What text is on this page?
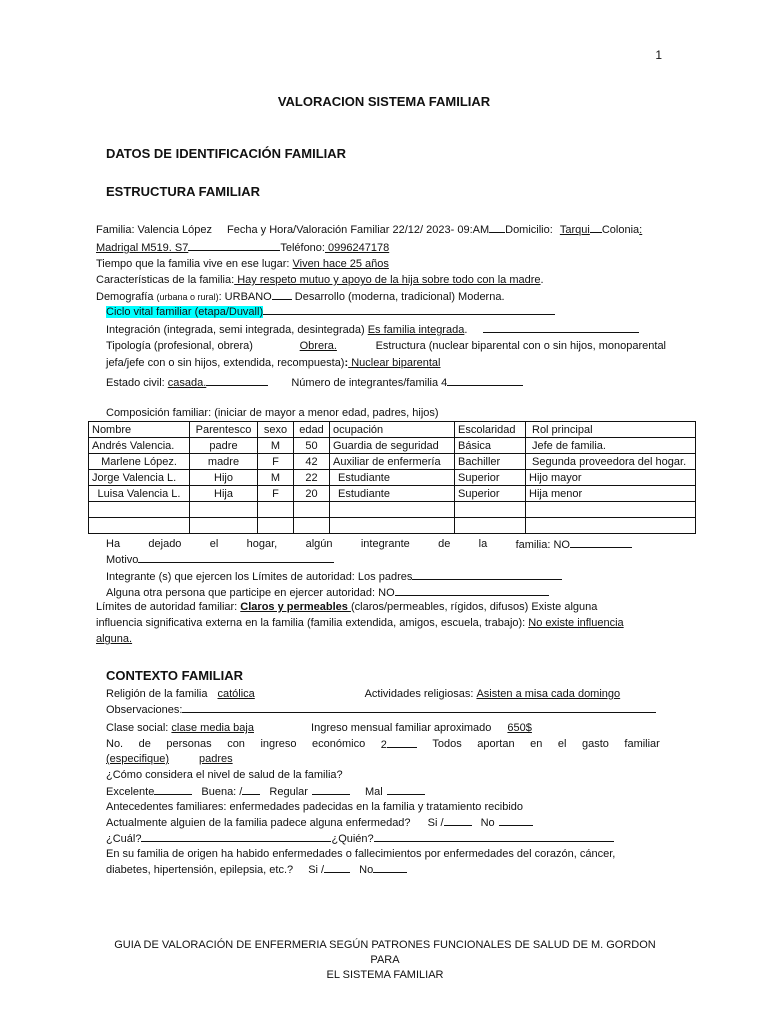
1
VALORACION SISTEMA FAMILIAR
DATOS DE IDENTIFICACIÓN FAMILIAR
ESTRUCTURA FAMILIAR
Familia: Valencia López Fecha y Hora/Valoración Familiar 22/12/ 2023- 09:AM Domicilio: Tarqui Colonia:
Madrigal M519. S7	Teléfono: 0996247178
Tiempo que la familia vive en ese lugar: Viven hace 25 años
Características de la familia: Hay respeto mutuo y apoyo de la hija sobre todo con la madre.
Demografía (urbana o rural): URBANO Desarrollo (moderna, tradicional) Moderna.
Ciclo vital familiar (etapa/Duvall)
Integración (integrada, semi integrada, desintegrada) Es familia integrada.
Tipología (profesional, obrera)	Obrera.	Estructura (nuclear biparental con o sin hijos, monoparental
jefa/jefe con o sin hijos, extendida, recompuesta): Nuclear biparental
Estado civil: casada.	Número de integrantes/familia 4
Composición familiar: (iniciar de mayor a menor edad, padres, hijos)
Nombre	Parentesco	sexo	edad	ocupación	Escolaridad	Rol principal
Andrés Valencia.	padre	M	50	Guardia de seguridad	Básica	Jefe de familia.
Marlene López.	madre	F	42	Auxiliar de enfermería	Bachiller	Segunda proveedora del hogar.
Jorge Valencia L.	Hijo	M	22	Estudiante	Superior	Hijo mayor
Luisa Valencia L.	Hija	F	20	Estudiante	Superior	Hija menor

Ha	dejado	el	hogar,	algún	integrante	de	la	familia: NO
Motivo
Integrante (s) que ejercen los Límites de autoridad: Los padres
Alguna otra persona que participe en ejercer autoridad: NO
Límites de autoridad familiar: Claros y permeables (claros/permeables, rígidos, difusos) Existe alguna
influencia significativa externa en la familia (familia extendida, amigos, escuela, trabajo): No existe influencia
alguna.
CONTEXTO FAMILIAR
Religión de la familia católica	Actividades religiosas: Asisten a misa cada domingo
Observaciones:
Clase social: clase media baja	Ingreso mensual familiar aproximado 650$
No. de personas con ingreso económico 2	Todos aportan en el gasto familiar
(especifique)	padres
¿Cómo considera el nivel de salud de la familia?
Excelente	Buena: / Regular	Mal
Antecedentes familiares: enfermedades padecidas en la familia y tratamiento recibido
Actualmente alguien de la familia padece alguna enfermedad? Si /	No
¿Cuál?	¿Quién?
En su familia de origen ha habido enfermedades o fallecimientos por enfermedades del corazón, cáncer,
diabetes, hipertensión, epilepsia, etc.? Si /	No
GUIA DE VALORACIÓN DE ENFERMERIA SEGÚN PATRONES FUNCIONALES DE SALUD DE M. GORDON PARA
EL SISTEMA FAMILIAR
